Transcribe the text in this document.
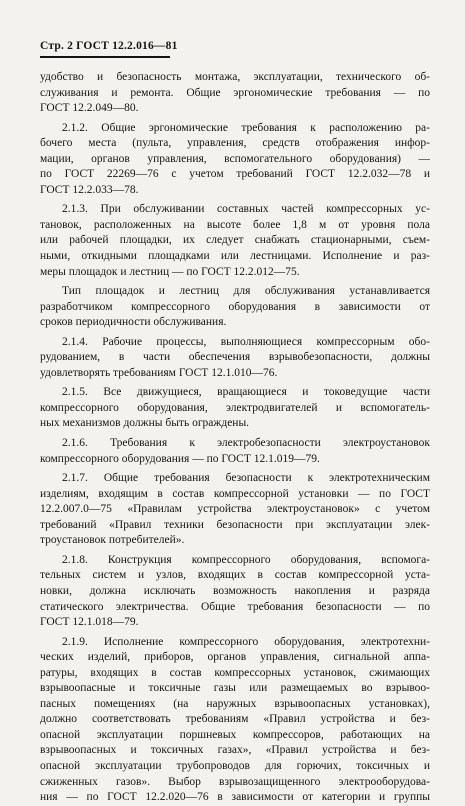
Стр. 2 ГОСТ 12.2.016—81
удобство и безопасность монтажа, эксплуатации, технического об-
служивания и ремонта. Общие эргономические требования — по
ГОСТ 12.2.049—80.
2.1.2. Общие эргономические требования к расположению ра-
бочего места (пульта, управления, средств отображения инфор-
мации, органов управления, вспомогательного оборудования) —
по ГОСТ 22269—76 с учетом требований ГОСТ 12.2.032—78 и
ГОСТ 12.2.033—78.
2.1.3. При обслуживании составных частей компрессорных ус-
тановок, расположенных на высоте более 1,8 м от уровня пола
или рабочей площадки, их следует снабжать стационарными, съем-
ными, откидными площадками или лестницами. Исполнение и раз-
меры площадок и лестниц — по ГОСТ 12.2.012—75.
Тип площадок и лестниц для обслуживания устанавливается
разработчиком компрессорного оборудования в зависимости от
сроков периодичности обслуживания.
2.1.4. Рабочие процессы, выполняющиеся компрессорным обо-
рудованием, в части обеспечения взрывобезопасности, должны
удовлетворять требованиям ГОСТ 12.1.010—76.
2.1.5. Все движущиеся, вращающиеся и токоведущие части
компрессорного оборудования, электродвигателей и вспомогатель-
ных механизмов должны быть ограждены.
2.1.6. Требования к электробезопасности электроустановок
компрессорного оборудования — по ГОСТ 12.1.019—79.
2.1.7. Общие требования безопасности к электротехническим
изделиям, входящим в состав компрессорной установки — по ГОСТ
12.2.007.0—75 «Правилам устройства электроустановок» с учетом
требований «Правил техники безопасности при эксплуатации элек-
троустановок потребителей».
2.1.8. Конструкция компрессорного оборудования, вспомога-
тельных систем и узлов, входящих в состав компрессорной уста-
новки, должна исключать возможность накопления и разряда
статического электричества. Общие требования безопасности — по
ГОСТ 12.1.018—79.
2.1.9. Исполнение компрессорного оборудования, электротехни-
ческих изделий, приборов, органов управления, сигнальной аппа-
ратуры, входящих в состав компрессорных установок, сжимающих
взрывоопасные и токсичные газы или размещаемых во взрывоо-
пасных помещениях (на наружных взрывоопасных установках),
должно соответствовать требованиям «Правил устройства и без-
опасной эксплуатации поршневых компрессоров, работающих на
взрывоопасных и токсичных газах», «Правил устройства и без-
опасной эксплуатации трубопроводов для горючих, токсичных и
сжиженных газов». Выбор взрывозащищенного электрооборудова-
ния — по ГОСТ 12.2.020—76 в зависимости от категории и группы
